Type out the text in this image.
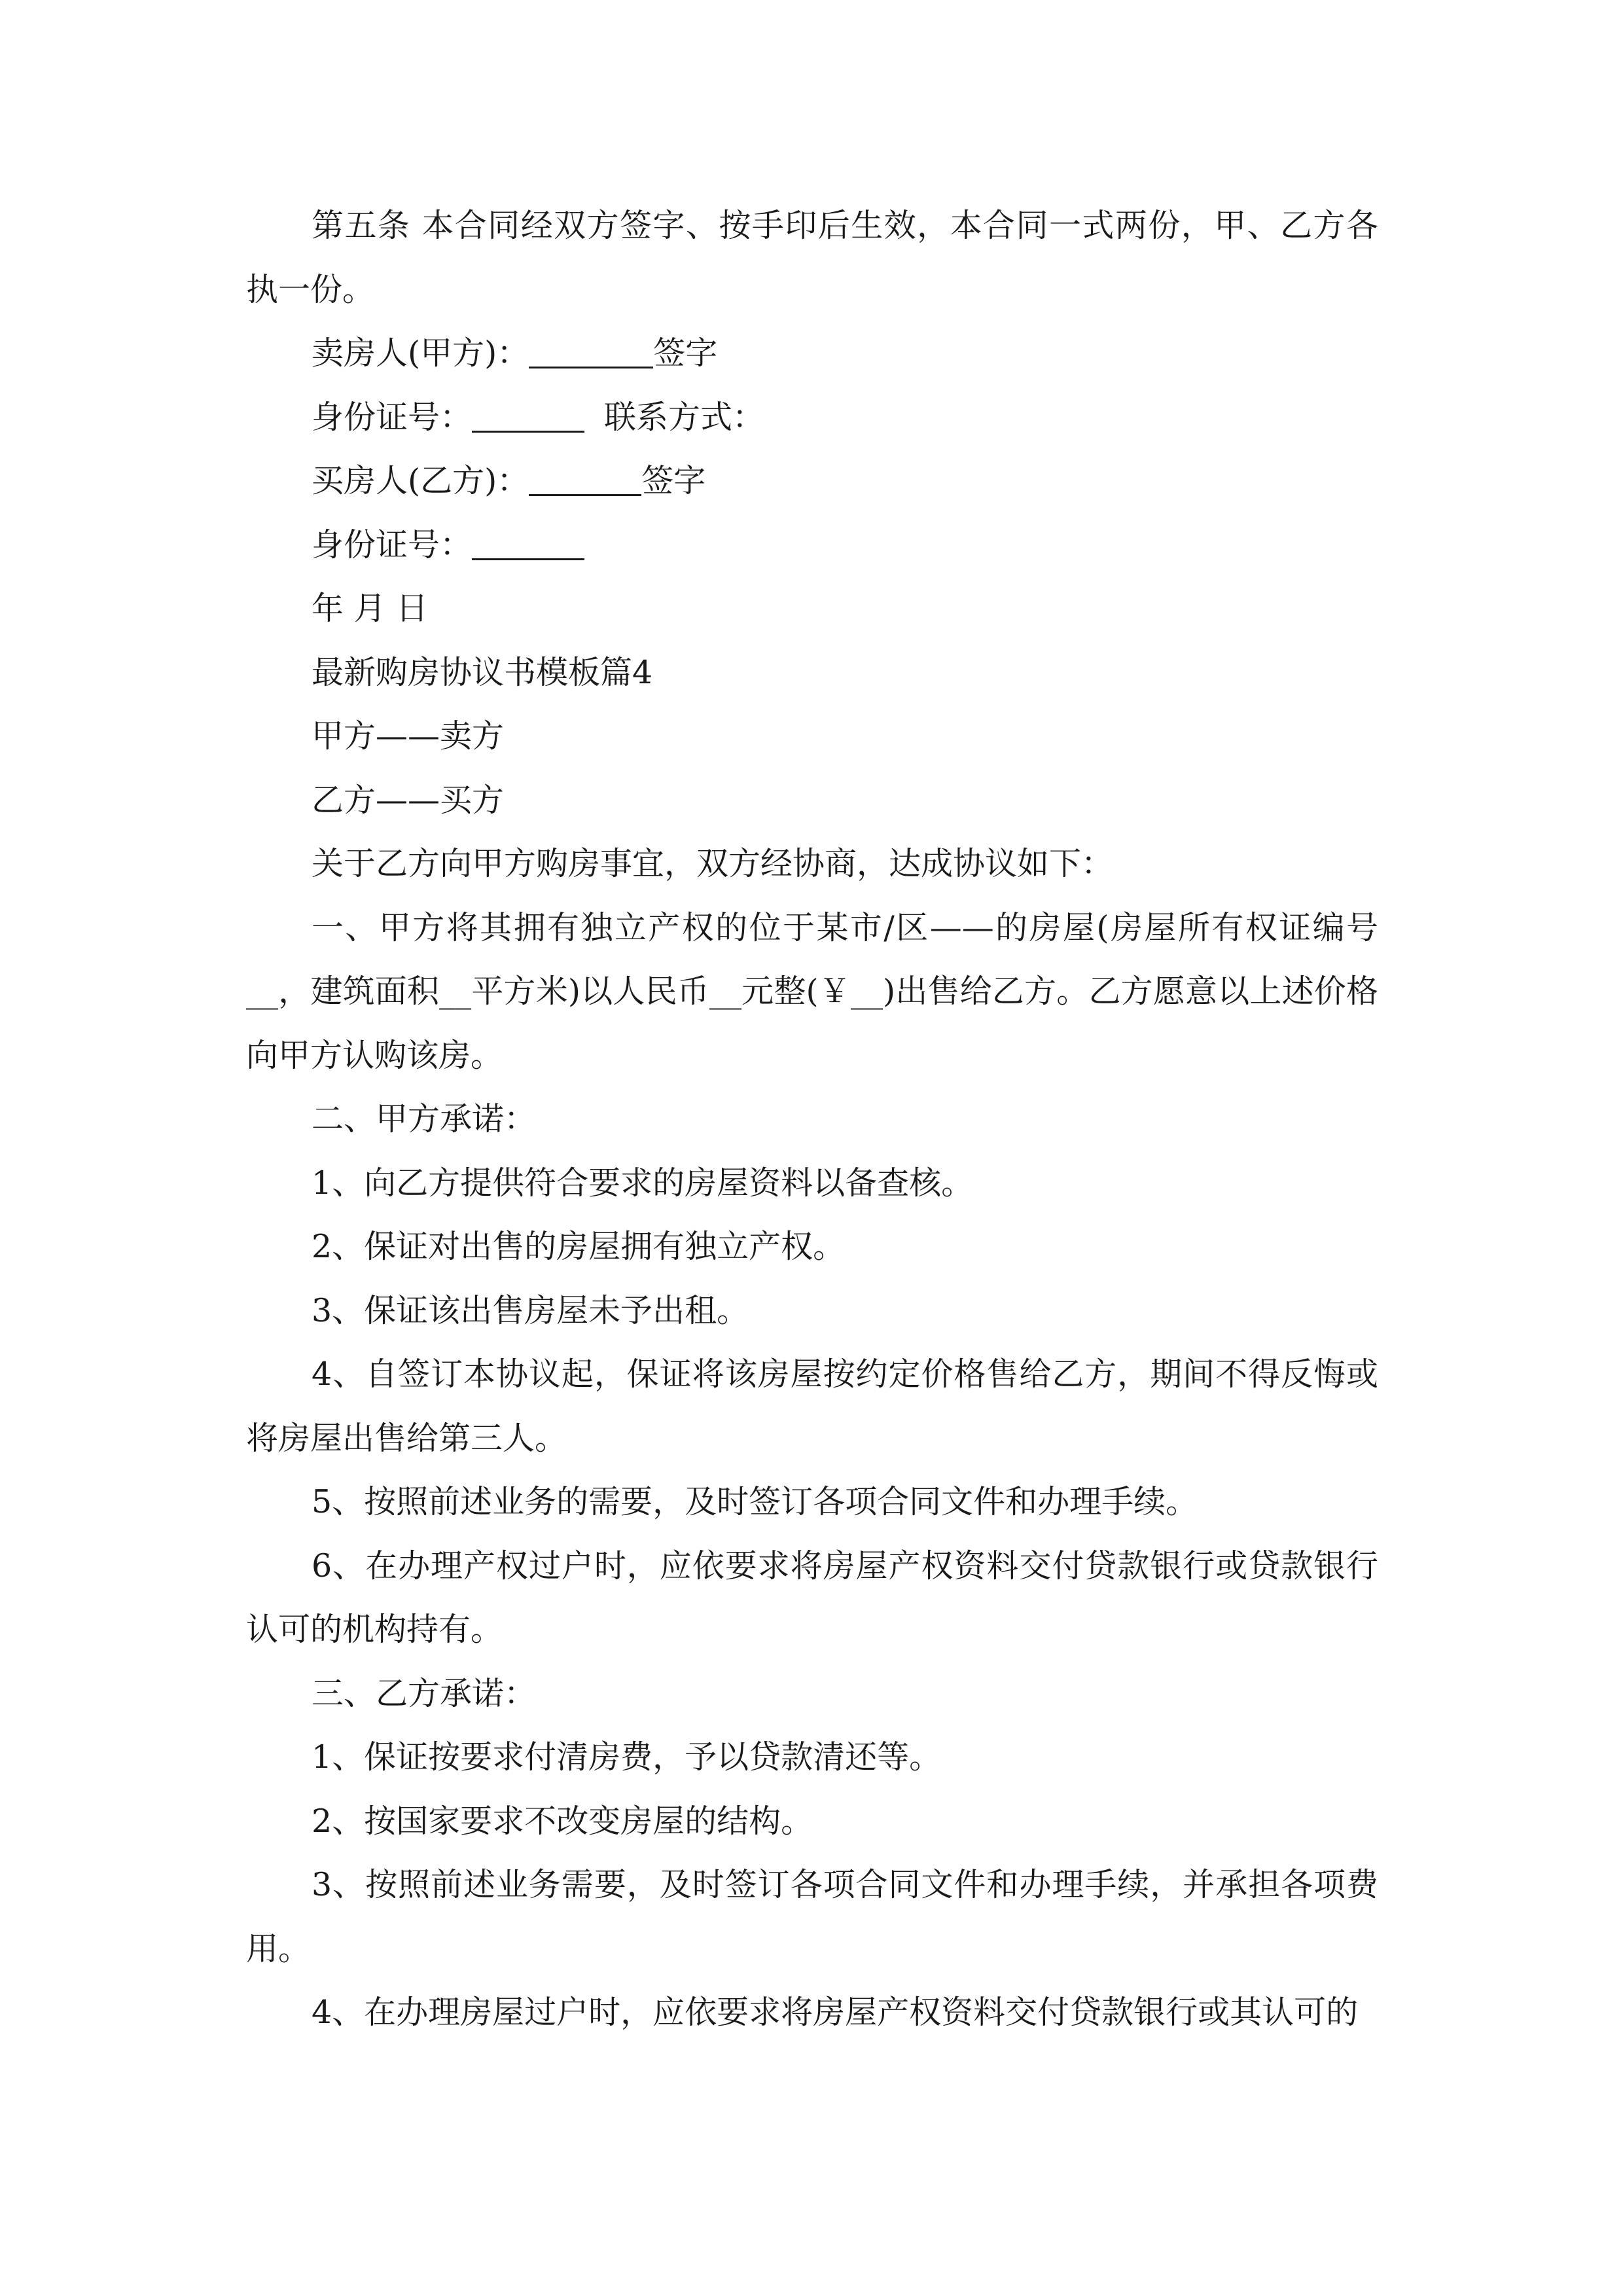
第五条 本合同经双方签字、按手印后生效，本合同一式两份，甲、乙方各执一份。

卖房人(甲方)：	签字

身份证号：	联系方式：

买房人(乙方)：	签字

身份证号：

年 月 日

最新购房协议书模板篇4

甲方——卖方

乙方——买方

关于乙方向甲方购房事宜，双方经协商，达成协议如下：

一、甲方将其拥有独立产权的位于某市/区——的房屋(房屋所有权证编号__，建筑面积__平方米)以人民币__元整(￥__)出售给乙方。乙方愿意以上述价格向甲方认购该房。

二、甲方承诺：

1、向乙方提供符合要求的房屋资料以备查核。

2、保证对出售的房屋拥有独立产权。

3、保证该出售房屋未予出租。

4、自签订本协议起，保证将该房屋按约定价格售给乙方，期间不得反悔或将房屋出售给第三人。

5、按照前述业务的需要，及时签订各项合同文件和办理手续。

6、在办理产权过户时，应依要求将房屋产权资料交付贷款银行或贷款银行认可的机构持有。

三、乙方承诺：

1、保证按要求付清房费，予以贷款清还等。

2、按国家要求不改变房屋的结构。

3、按照前述业务需要，及时签订各项合同文件和办理手续，并承担各项费用。

4、在办理房屋过户时，应依要求将房屋产权资料交付贷款银行或其认可的
